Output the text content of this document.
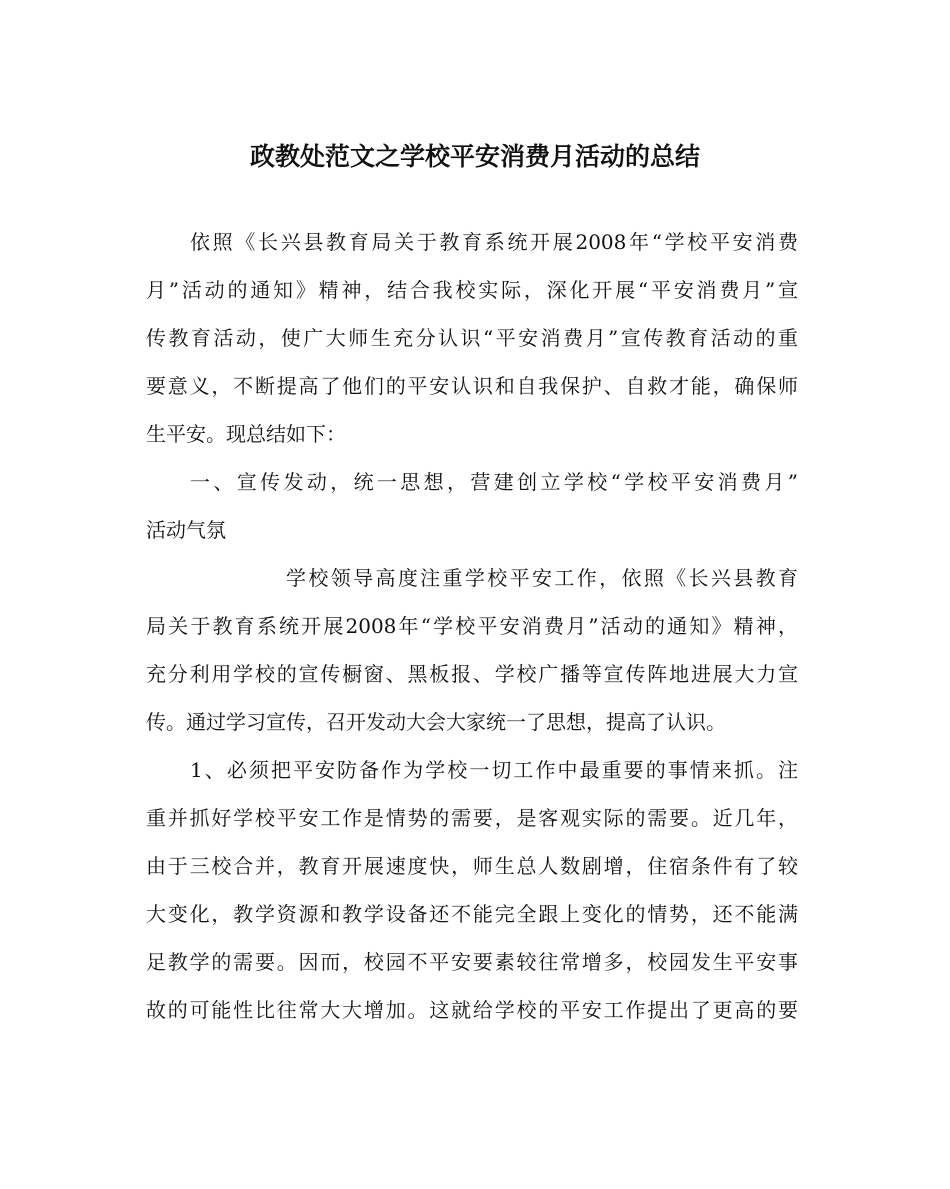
政教处范文之学校平安消费月活动的总结
依照《长兴县教育局关于教育系统开展2008年“学校平安消费
月”活动的通知》精神，结合我校实际，深化开展“平安消费月”宣
传教育活动，使广大师生充分认识“平安消费月”宣传教育活动的重
要意义，不断提高了他们的平安认识和自我保护、自救才能，确保师
生平安。现总结如下：
一、宣传发动，统一思想，营建创立学校“学校平安消费月”
活动气氛
学校领导高度注重学校平安工作，依照《长兴县教育
局关于教育系统开展2008年“学校平安消费月”活动的通知》精神，
充分利用学校的宣传橱窗、黑板报、学校广播等宣传阵地进展大力宣
传。通过学习宣传，召开发动大会大家统一了思想，提高了认识。
1、必须把平安防备作为学校一切工作中最重要的事情来抓。注
重并抓好学校平安工作是情势的需要，是客观实际的需要。近几年，
由于三校合并，教育开展速度快，师生总人数剧增，住宿条件有了较
大变化，教学资源和教学设备还不能完全跟上变化的情势，还不能满
足教学的需要。因而，校园不平安要素较往常增多，校园发生平安事
故的可能性比往常大大增加。这就给学校的平安工作提出了更高的要
